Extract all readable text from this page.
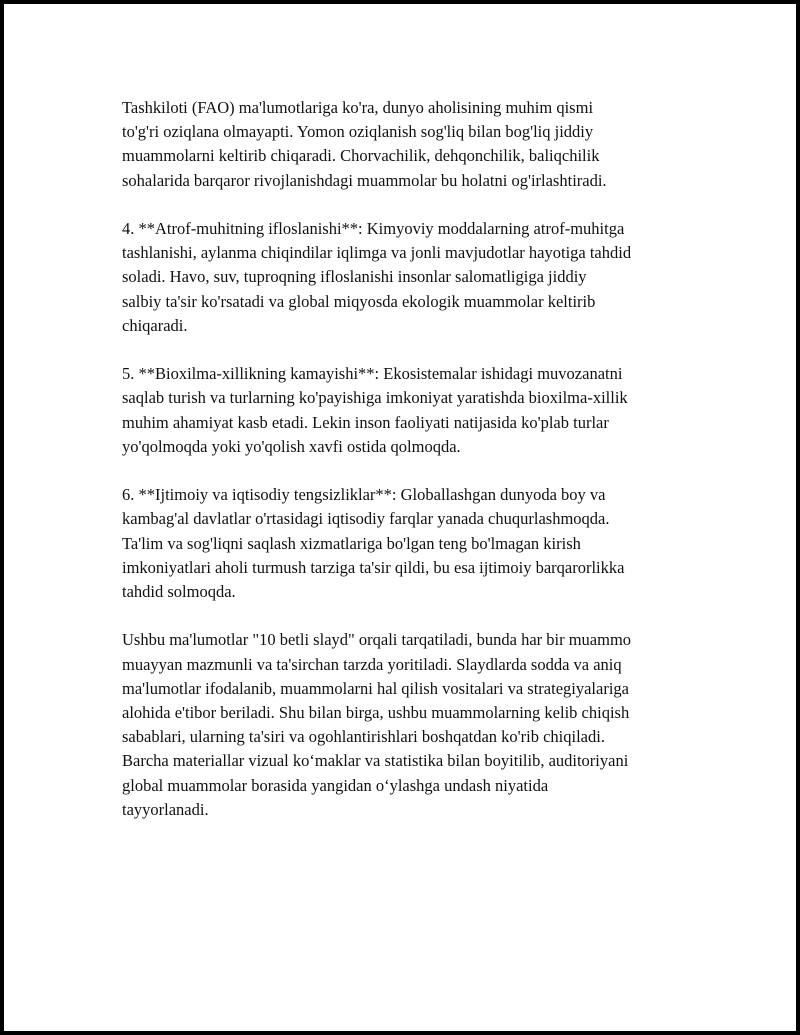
Tashkiloti (FAO) ma'lumotlariga ko'ra, dunyo aholisining muhim qismi
to'g'ri oziqlana olmayapti. Yomon oziqlanish sog'liq bilan bog'liq jiddiy
muammolarni keltirib chiqaradi. Chorvachilik, dehqonchilik, baliqchilik
sohalarida barqaror rivojlanishdagi muammolar bu holatni og'irlashtiradi.

4. **Atrof-muhitning ifloslanishi**: Kimyoviy moddalarning atrof-muhitga
tashlanishi, aylanma chiqindilar iqlimga va jonli mavjudotlar hayotiga tahdid
soladi. Havo, suv, tuproqning ifloslanishi insonlar salomatligiga jiddiy
salbiy ta'sir ko'rsatadi va global miqyosda ekologik muammolar keltirib
chiqaradi.

5. **Bioxilma-xillikning kamayishi**: Ekosistemalar ishidagi muvozanatni
saqlab turish va turlarning ko'payishiga imkoniyat yaratishda bioxilma-xillik
muhim ahamiyat kasb etadi. Lekin inson faoliyati natijasida ko'plab turlar
yo'qolmoqda yoki yo'qolish xavfi ostida qolmoqda.

6. **Ijtimoiy va iqtisodiy tengsizliklar**: Globallashgan dunyoda boy va
kambag'al davlatlar o'rtasidagi iqtisodiy farqlar yanada chuqurlashmoqda.
Ta'lim va sog'liqni saqlash xizmatlariga bo'lgan teng bo'lmagan kirish
imkoniyatlari aholi turmush tarziga ta'sir qildi, bu esa ijtimoiy barqarorlikka
tahdid solmoqda.

Ushbu ma'lumotlar "10 betli slayd" orqali tarqatiladi, bunda har bir muammo
muayyan mazmunli va ta'sirchan tarzda yoritiladi. Slaydlarda sodda va aniq
ma'lumotlar ifodalanib, muammolarni hal qilish vositalari va strategiyalariga
alohida e'tibor beriladi. Shu bilan birga, ushbu muammolarning kelib chiqish
sabablari, ularning ta'siri va ogohlantirishlari boshqatdan ko'rib chiqiladi.
Barcha materiallar vizual ko‘maklar va statistika bilan boyitilib, auditoriyani
global muammolar borasida yangidan o‘ylashga undash niyatida
tayyorlanadi.
